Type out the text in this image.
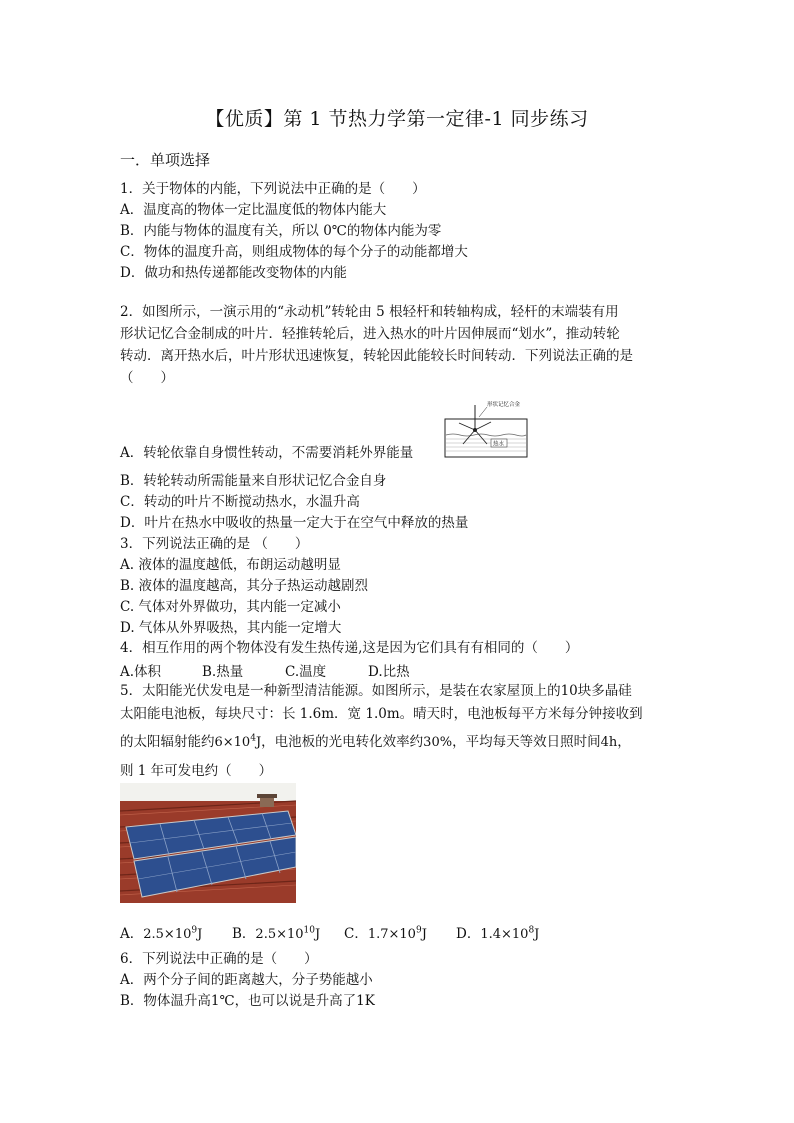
【优质】第 1 节热力学第一定律-1 同步练习
一．单项选择
1．关于物体的内能，下列说法中正确的是（　　）
A．温度高的物体一定比温度低的物体内能大
B．内能与物体的温度有关，所以 0℃的物体内能为零
C．物体的温度升高，则组成物体的每个分子的动能都增大
D．做功和热传递都能改变物体的内能
2．如图所示，一演示用的“永动机”转轮由 5 根轻杆和转轴构成，轻杆的末端装有用
形状记忆合金制成的叶片．轻推转轮后，进入热水的叶片因伸展而“划水”，推动转轮
转动．离开热水后，叶片形状迅速恢复，转轮因此能较长时间转动．下列说法正确的是
（　　）
形状记忆合金
热水
A．转轮依靠自身惯性转动，不需要消耗外界能量
B．转轮转动所需能量来自形状记忆合金自身
C．转动的叶片不断搅动热水，水温升高
D．叶片在热水中吸收的热量一定大于在空气中释放的热量
3．下列说法正确的是 （　　）
A. 液体的温度越低，布朗运动越明显
B. 液体的温度越高，其分子热运动越剧烈
C. 气体对外界做功，其内能一定减小
D. 气体从外界吸热，其内能一定增大
4．相互作用的两个物体没有发生热传递,这是因为它们具有有相同的（　　）
A.体积	B.热量	C.温度	D.比热
5．太阳能光伏发电是一种新型清洁能源。如图所示，是装在农家屋顶上的10块多晶硅
太阳能电池板，每块尺寸：长 1.6m．宽 1.0m。晴天时，电池板每平方米每分钟接收到
的太阳辐射能约$6\times 10^4J$，电池板的光电转化效率约30%，平均每天等效日照时间4h，
则 1 年可发电约（　　）
A．$2.5\times 10^9J$ B．$2.5\times 10^{10}J$ C．$1.7\times 10^9J$ D．$1.4\times 10^8J$
6．下列说法中正确的是（　　）
A．两个分子间的距离越大，分子势能越小
B．物体温升高1℃，也可以说是升高了1K
